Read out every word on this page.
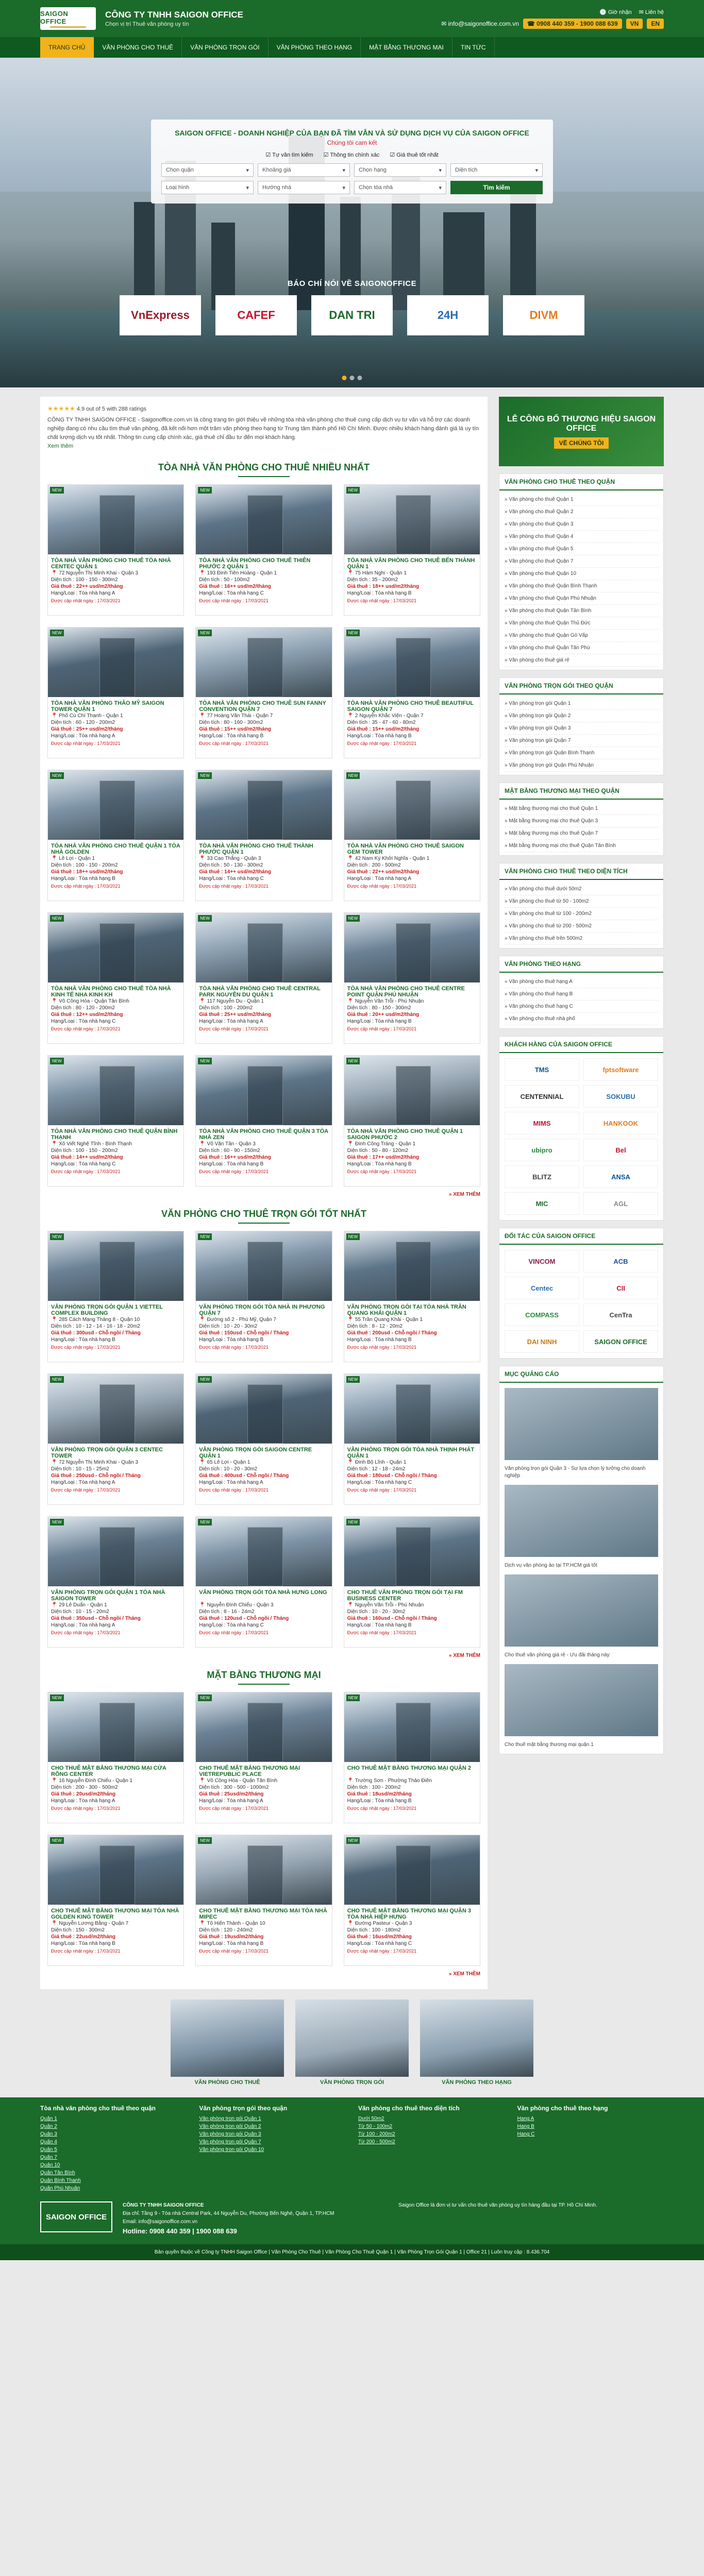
SAIGON OFFICE
CÔNG TY TNHH SAIGON OFFICE
Chọn vị trí Thuê văn phòng uy tín
🕒 Giờ nhận ✉ Liên hệ
✉ info@saigonoffice.com.vn	☎ 0908 440 359 - 1900 088 639	VN	EN
TRANG CHỦ	VĂN PHÒNG CHO THUÊ	VĂN PHÒNG TRỌN GÓI	VĂN PHÒNG THEO HẠNG	MẶT BẰNG THƯƠNG MẠI	TIN TỨC
SAIGON OFFICE - DOANH NGHIỆP CỦA BẠN ĐÃ TÌM VẪN VÀ SỬ DỤNG DỊCH VỤ CỦA SAIGON OFFICE
Chúng tôi cam kết
☑ Tự văn tìm kiếm ☑ Thông tin chính xác ☑ Giá thuê tốt nhất
Chọn quận	▾ Khoảng giá	▾ Chọn hạng	▾ Diện tích	▾
Loại hình	▾ Hướng nhà	▾ Chọn tòa nhà	▾	Tìm kiếm
BÁO CHÍ NÓI VỀ SAIGONOFFICE
VnExpress	CAFEF	DAN TRI	24H	DIVM
★★★★★ 4.9 out of 5 with 288 ratings

CÔNG TY TNHH SAIGON OFFICE - Saigonoffice.com.vn là công trang tin giới thiệu về những tòa nhà văn phòng cho thuê cung cấp dịch vụ tư vấn và hỗ trợ các doanh nghiệp đang có nhu cầu tìm thuê văn phòng, đã kết nối hơn một trăm văn phòng theo hạng từ Trung tâm thành phố Hồ Chí Minh. Được nhiều khách hàng đánh giá là uy tín chất lượng dịch vụ tốt nhất. Thông tin cung cấp chính xác, giá thuê chỉ đầu tư đến mọi khách hàng.

Xem thêm
TÒA NHÀ VĂN PHÒNG CHO THUÊ NHIỀU NHẤT
NEW
TÒA NHÀ VĂN PHÒNG CHO THUÊ TÒA NHÀ CENTEC QUẬN 1
📍 72 Nguyễn Thị Minh Khai - Quận 3
Diện tích : 100 - 150 - 300m2
Giá thuê : 22++ usd/m2/tháng
Hạng/Loại : Tòa nhà hạng A
Được cập nhật ngày : 17/03/2021
NEW
TÒA NHÀ VĂN PHÒNG CHO THUÊ THIÊN PHƯỚC 2 QUẬN 1
📍 193 Đinh Tiên Hoàng - Quận 1
Diện tích : 50 - 100m2
Giá thuê : 16++ usd/m2/tháng
Hạng/Loại : Tòa nhà hạng C
Được cập nhật ngày : 17/03/2021
NEW
TÒA NHÀ VĂN PHÒNG CHO THUÊ BẾN THÀNH QUẬN 1
📍 75 Hàm Nghi - Quận 1
Diện tích : 35 - 200m2
Giá thuê : 18++ usd/m2/tháng
Hạng/Loại : Tòa nhà hạng B
Được cập nhật ngày : 17/03/2021
NEW
TÒA NHÀ VĂN PHÒNG THẢO MỸ SAIGON TOWER QUẬN 1
📍 Phố Cù Chí Thanh - Quận 1
Diện tích : 60 - 120 - 200m2
Giá thuê : 25++ usd/m2/tháng
Hạng/Loại : Tòa nhà hạng A
Được cập nhật ngày : 17/03/2021
NEW
TÒA NHÀ VĂN PHÒNG CHO THUÊ SUN FANNY CONVENTION QUẬN 7
📍 77 Hoàng Văn Thái - Quận 7
Diện tích : 80 - 160 - 300m2
Giá thuê : 15++ usd/m2/tháng
Hạng/Loại : Tòa nhà hạng B
Được cập nhật ngày : 17/03/2021
NEW
TÒA NHÀ VĂN PHÒNG CHO THUÊ BEAUTIFUL SAIGON QUẬN 7
📍 2 Nguyễn Khắc Viện - Quận 7
Diện tích : 35 - 47 - 60 - 80m2
Giá thuê : 15++ usd/m2/tháng
Hạng/Loại : Tòa nhà hạng B
Được cập nhật ngày : 17/03/2021
NEW
TÒA NHÀ VĂN PHÒNG CHO THUÊ QUẬN 1 TÒA NHÀ GOLDEN
📍 Lê Lợi - Quận 1
Diện tích : 100 - 150 - 200m2
Giá thuê : 18++ usd/m2/tháng
Hạng/Loại : Tòa nhà hạng B
Được cập nhật ngày : 17/03/2021
NEW
TÒA NHÀ VĂN PHÒNG CHO THUÊ THÀNH PHƯỚC QUẬN 1
📍 33 Cao Thắng - Quận 3
Diện tích : 50 - 130 - 300m2
Giá thuê : 14++ usd/m2/tháng
Hạng/Loại : Tòa nhà hạng C
Được cập nhật ngày : 17/03/2021
NEW
TÒA NHÀ VĂN PHÒNG CHO THUÊ SAIGON GEM TOWER
📍 42 Nam Kỳ Khởi Nghĩa - Quận 1
Diện tích : 200 - 500m2
Giá thuê : 22++ usd/m2/tháng
Hạng/Loại : Tòa nhà hạng A
Được cập nhật ngày : 17/03/2021
NEW
TÒA NHÀ VĂN PHÒNG CHO THUÊ TÒA NHÀ KINH TẾ NHA KINH KH
📍 Võ Công Hòa - Quận Tân Bình
Diện tích : 80 - 120 - 200m2
Giá thuê : 12++ usd/m2/tháng
Hạng/Loại : Tòa nhà hạng C
Được cập nhật ngày : 17/03/2021
NEW
TÒA NHÀ VĂN PHÒNG CHO THUÊ CENTRAL PARK NGUYỄN DU QUẬN 1
📍 117 Nguyễn Du - Quận 1
Diện tích : 100 - 200m2
Giá thuê : 25++ usd/m2/tháng
Hạng/Loại : Tòa nhà hạng A
Được cập nhật ngày : 17/03/2021
NEW
TÒA NHÀ VĂN PHÒNG CHO THUÊ CENTRE POINT QUẬN PHÚ NHUẬN
📍 Nguyễn Văn Trỗi - Phú Nhuận
Diện tích : 80 - 150 - 300m2
Giá thuê : 20++ usd/m2/tháng
Hạng/Loại : Tòa nhà hạng B
Được cập nhật ngày : 17/03/2021
NEW
TÒA NHÀ VĂN PHÒNG CHO THUÊ QUẬN BÌNH THẠNH
📍 Xô Viết Nghệ Tĩnh - Bình Thạnh
Diện tích : 100 - 150 - 200m2
Giá thuê : 14++ usd/m2/tháng
Hạng/Loại : Tòa nhà hạng C
Được cập nhật ngày : 17/03/2021
NEW
TÒA NHÀ VĂN PHÒNG CHO THUÊ QUẬN 3 TÒA NHÀ ZEN
📍 Võ Văn Tần - Quận 3
Diện tích : 60 - 90 - 150m2
Giá thuê : 16++ usd/m2/tháng
Hạng/Loại : Tòa nhà hạng B
Được cập nhật ngày : 17/03/2021
NEW
TÒA NHÀ VĂN PHÒNG CHO THUÊ QUẬN 1 SAIGON PHƯỚC 2
📍 Đinh Công Tráng - Quận 1
Diện tích : 50 - 80 - 120m2
Giá thuê : 17++ usd/m2/tháng
Hạng/Loại : Tòa nhà hạng B
Được cập nhật ngày : 17/03/2021
» XEM THÊM
VĂN PHÒNG CHO THUÊ TRỌN GÓI TỐT NHẤT
NEW
VĂN PHÒNG TRỌN GÓI QUẬN 1 VIETTEL COMPLEX BUILDING
📍 285 Cách Mạng Tháng 8 - Quận 10
Diện tích : 10 - 12 - 14 - 16 - 18 - 20m2
Giá thuê : 300usd - Chỗ ngồi / Tháng
Hạng/Loại : Tòa nhà hạng B
Được cập nhật ngày : 17/03/2021
NEW
VĂN PHÒNG TRỌN GÓI TÒA NHÀ IN PHƯƠNG QUẬN 7
📍 Đường số 2 - Phú Mỹ, Quận 7
Diện tích : 10 - 20 - 30m2
Giá thuê : 150usd - Chỗ ngồi / Tháng
Hạng/Loại : Tòa nhà hạng B
Được cập nhật ngày : 17/03/2021
NEW
VĂN PHÒNG TRỌN GÓI TẠI TÒA NHÀ TRẦN QUANG KHẢI QUẬN 1
📍 55 Trần Quang Khải - Quận 1
Diện tích : 8 - 12 - 20m2
Giá thuê : 200usd - Chỗ ngồi / Tháng
Hạng/Loại : Tòa nhà hạng B
Được cập nhật ngày : 17/03/2021
NEW
VĂN PHÒNG TRỌN GÓI QUẬN 3 CENTEC TOWER
📍 72 Nguyễn Thị Minh Khai - Quận 3
Diện tích : 10 - 15 - 25m2
Giá thuê : 250usd - Chỗ ngồi / Tháng
Hạng/Loại : Tòa nhà hạng A
Được cập nhật ngày : 17/03/2021
NEW
VĂN PHÒNG TRỌN GÓI SAIGON CENTRE QUẬN 1
📍 65 Lê Lợi - Quận 1
Diện tích : 10 - 20 - 30m2
Giá thuê : 400usd - Chỗ ngồi / Tháng
Hạng/Loại : Tòa nhà hạng A
Được cập nhật ngày : 17/03/2021
NEW
VĂN PHÒNG TRỌN GÓI TÒA NHÀ THỊNH PHÁT QUẬN 1
📍 Đinh Bộ Lĩnh - Quận 1
Diện tích : 12 - 18 - 24m2
Giá thuê : 180usd - Chỗ ngồi / Tháng
Hạng/Loại : Tòa nhà hạng C
Được cập nhật ngày : 17/03/2021
NEW
VĂN PHÒNG TRỌN GÓI QUẬN 1 TÒA NHÀ SAIGON TOWER
📍 29 Lê Duẩn - Quận 1
Diện tích : 10 - 15 - 20m2
Giá thuê : 350usd - Chỗ ngồi / Tháng
Hạng/Loại : Tòa nhà hạng A
Được cập nhật ngày : 17/03/2021
NEW
VĂN PHÒNG TRỌN GÓI TÒA NHÀ HƯNG LONG
📍 Nguyễn Đình Chiểu - Quận 3
Diện tích : 8 - 16 - 24m2
Giá thuê : 120usd - Chỗ ngồi / Tháng
Hạng/Loại : Tòa nhà hạng C
Được cập nhật ngày : 17/03/2021
NEW
CHO THUÊ VĂN PHÒNG TRỌN GÓI TẠI FM BUSINESS CENTER
📍 Nguyễn Văn Trỗi - Phú Nhuận
Diện tích : 10 - 20 - 30m2
Giá thuê : 160usd - Chỗ ngồi / Tháng
Hạng/Loại : Tòa nhà hạng B
Được cập nhật ngày : 17/03/2021
» XEM THÊM
MẶT BẰNG THƯƠNG MẠI
NEW
CHO THUÊ MẶT BẰNG THƯƠNG MẠI CỬA RỒNG CENTER
📍 16 Nguyễn Đình Chiểu - Quận 1
Diện tích : 200 - 300 - 500m2
Giá thuê : 20usd/m2/tháng
Hạng/Loại : Tòa nhà hạng A
Được cập nhật ngày : 17/03/2021
NEW
CHO THUÊ MẶT BẰNG THƯƠNG MẠI VIETREPUBLIC PLACE
📍 Võ Công Hòa - Quận Tân Bình
Diện tích : 300 - 500 - 1000m2
Giá thuê : 25usd/m2/tháng
Hạng/Loại : Tòa nhà hạng A
Được cập nhật ngày : 17/03/2021
NEW
CHO THUÊ MẶT BẰNG THƯƠNG MẠI QUẬN 2
📍 Trường Sơn - Phường Thảo Điền
Diện tích : 100 - 200m2
Giá thuê : 18usd/m2/tháng
Hạng/Loại : Tòa nhà hạng B
Được cập nhật ngày : 17/03/2021
NEW
CHO THUÊ MẶT BẰNG THƯƠNG MẠI TÒA NHÀ GOLDEN KING TOWER
📍 Nguyễn Lương Bằng - Quận 7
Diện tích : 150 - 300m2
Giá thuê : 22usd/m2/tháng
Hạng/Loại : Tòa nhà hạng B
Được cập nhật ngày : 17/03/2021
NEW
CHO THUÊ MẶT BẰNG THƯƠNG MẠI TÒA NHÀ MIPEC
📍 Tô Hiến Thành - Quận 10
Diện tích : 120 - 240m2
Giá thuê : 19usd/m2/tháng
Hạng/Loại : Tòa nhà hạng B
Được cập nhật ngày : 17/03/2021
NEW
CHO THUÊ MẶT BẰNG THƯƠNG MẠI QUẬN 3 TÒA NHÀ HIỆP HƯNG
📍 Đường Pasteur - Quận 3
Diện tích : 100 - 180m2
Giá thuê : 16usd/m2/tháng
Hạng/Loại : Tòa nhà hạng C
Được cập nhật ngày : 17/03/2021
» XEM THÊM
LỄ CÔNG BỐ THƯƠNG HIỆU SAIGON OFFICE
VỀ CHÚNG TÔI
VĂN PHÒNG CHO THUÊ THEO QUẬN
» Văn phòng cho thuê Quận 1
» Văn phòng cho thuê Quận 2
» Văn phòng cho thuê Quận 3
» Văn phòng cho thuê Quận 4
» Văn phòng cho thuê Quận 5
» Văn phòng cho thuê Quận 7
» Văn phòng cho thuê Quận 10
» Văn phòng cho thuê Quận Bình Thạnh
» Văn phòng cho thuê Quận Phú Nhuận
» Văn phòng cho thuê Quận Tân Bình
» Văn phòng cho thuê Quận Thủ Đức
» Văn phòng cho thuê Quận Gò Vấp
» Văn phòng cho thuê Quận Tân Phú
» Văn phòng cho thuê giá rẻ
VĂN PHÒNG TRỌN GÓI THEO QUẬN
» Văn phòng trọn gói Quận 1
» Văn phòng trọn gói Quận 2
» Văn phòng trọn gói Quận 3
» Văn phòng trọn gói Quận 7
» Văn phòng trọn gói Quận Bình Thạnh
» Văn phòng trọn gói Quận Phú Nhuận
MẶT BẰNG THƯƠNG MẠI THEO QUẬN
» Mặt bằng thương mại cho thuê Quận 1
» Mặt bằng thương mại cho thuê Quận 3
» Mặt bằng thương mại cho thuê Quận 7
» Mặt bằng thương mại cho thuê Quận Tân Bình
VĂN PHÒNG CHO THUÊ THEO DIỆN TÍCH
» Văn phòng cho thuê dưới 50m2
» Văn phòng cho thuê từ 50 - 100m2
» Văn phòng cho thuê từ 100 - 200m2
» Văn phòng cho thuê từ 200 - 500m2
» Văn phòng cho thuê trên 500m2
VĂN PHÒNG THEO HẠNG
» Văn phòng cho thuê hạng A
» Văn phòng cho thuê hạng B
» Văn phòng cho thuê hạng C
» Văn phòng cho thuê nhà phố
KHÁCH HÀNG CỦA SAIGON OFFICE
TMS	fptsoftware
CENTENNIAL	SOKUBU
MIMS	HANKOOK
ubipro	Bel
BLITZ	ANSA
MIC	AGL
ĐỐI TÁC CỦA SAIGON OFFICE
VINCOM	ACB
Centec	CII
COMPASS	CenTra
DAI NINH	SAIGON OFFICE
MỤC QUẢNG CÁO
Văn phòng trọn gói Quận 3 - Sự lựa chọn lý tưởng cho doanh nghiệp
Dịch vụ văn phòng ảo tại TP.HCM giá tốt
Cho thuê văn phòng giá rẻ - Ưu đãi tháng này
Cho thuê mặt bằng thương mại quận 1

VĂN PHÒNG CHO THUÊ	VĂN PHÒNG TRỌN GÓI	VĂN PHÒNG THEO HẠNG

Tòa nhà văn phòng cho thuê theo quận
Quận 1
Quận 2
Quận 3
Quận 4
Quận 5
Quận 7
Quận 10
Quận Tân Bình
Quận Bình Thạnh
Quận Phú Nhuận
Văn phòng trọn gói theo quận
Văn phòng trọn gói Quận 1
Văn phòng trọn gói Quận 2
Văn phòng trọn gói Quận 3
Văn phòng trọn gói Quận 7
Văn phòng trọn gói Quận 10
Văn phòng cho thuê theo diện tích
Dưới 50m2
Từ 50 - 100m2
Từ 100 - 200m2
Từ 200 - 500m2
Văn phòng cho thuê theo hạng
Hạng A
Hạng B
Hạng C
SAIGON OFFICE
CÔNG TY TNHH SAIGON OFFICE
Địa chỉ: Tầng 9 - Tòa nhà Central Park, 44 Nguyễn Du, Phường Bến Nghé, Quận 1, TP.HCM
Email: info@saigonoffice.com.vn
Hotline: 0908 440 359 | 1900 088 639
Saigon Office là đơn vị tư vấn cho thuê văn phòng uy tín hàng đầu tại TP. Hồ Chí Minh.
Bản quyền thuộc về Công ty TNHH Saigon Office | Văn Phòng Cho Thuê | Văn Phòng Cho Thuê Quận 1 | Văn Phòng Trọn Gói Quận 1 | Office 21 | Luôn truy cập : 8.436.704
